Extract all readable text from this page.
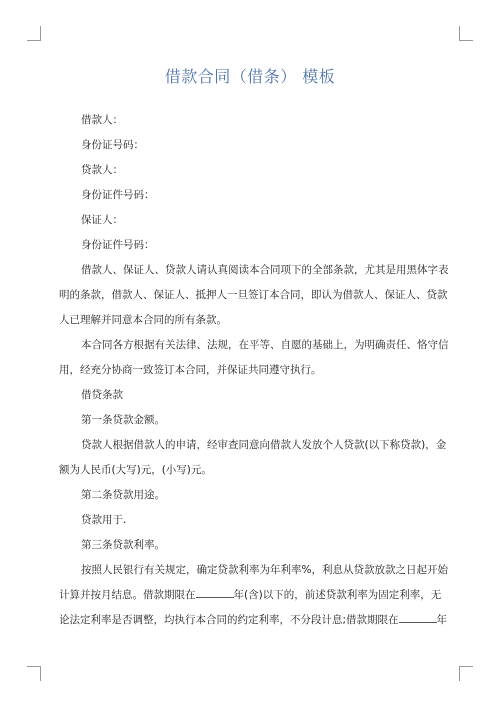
借款合同（借条） 模板

借款人：

身份证号码：

贷款人：

身份证件号码：

保证人：

身份证件号码：

借款人、保证人、贷款人请认真阅读本合同项下的全部条款，尤其是用黑体字表

明的条款，借款人、保证人、抵押人一旦签订本合同，即认为借款人、保证人、贷款

人已理解并同意本合同的所有条款。

本合同各方根据有关法律、法规，在平等、自愿的基础上，为明确责任、恪守信

用，经充分协商一致签订本合同，并保证共同遵守执行。

借贷条款

第一条贷款金额。

贷款人根据借款人的申请，经审查同意向借款人发放个人贷款(以下称贷款)，金

额为人民币(大写)元，(小写)元。

第二条贷款用途。

贷款用于.

第三条贷款利率。

按照人民银行有关规定，确定贷款利率为年利率%，利息从贷款放款之日起开始

计算并按月结息。借款期限在	年(含)以下的，前述贷款利率为固定利率，无

论法定利率是否调整，均执行本合同的约定利率，不分段计息;借款期限在	年
